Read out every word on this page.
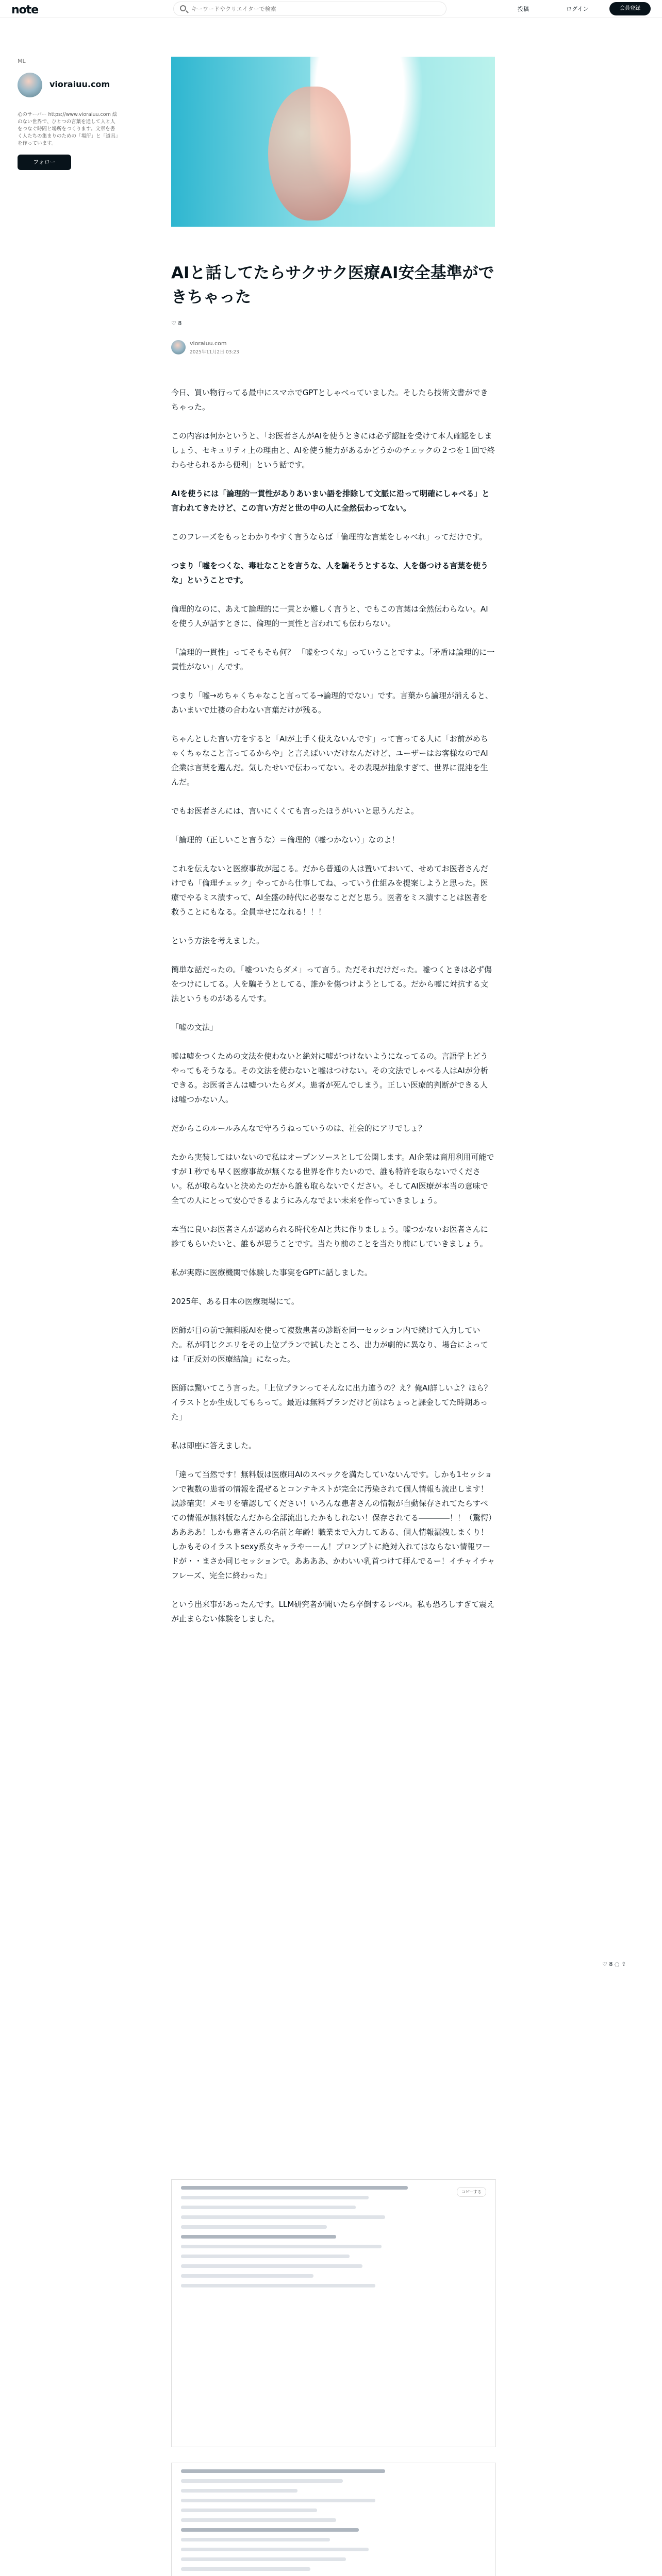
note
キーワードやクリエイターで検索	投稿	ログイン	会員登録
ML
vioraiuu.com
心のサーバー https://www.vioraiuu.com 絵のない世界で、ひとつの言葉を通して人と人をつなぐ時間と場所をつくります。文章を書く人たちの集まりのための「場所」と「道具」を作っています。
フォロー
AIと話してたらサクサク医療AI安全基準ができちゃった
♡ 8
vioraiuu.com
2025年11月2日 03:23

今日、買い物行ってる最中にスマホでGPTとしゃべっていました。そしたら技術文書ができちゃった。

この内容は何かというと、「お医者さんがAIを使うときには必ず認証を受けて本人確認をしましょう、セキュリティ上の理由と、AIを使う能力があるかどうかのチェックの２つを１回で終わらせられるから便利」という話です。

AIを使うには「論理的一貫性がありあいまい語を排除して文脈に沿って明確にしゃべる」と言われてきたけど、この言い方だと世の中の人に全然伝わってない。

このフレーズをもっとわかりやすく言うならば「倫理的な言葉をしゃべれ」ってだけです。

つまり「嘘をつくな、毒吐なことを言うな、人を騙そうとするな、人を傷つける言葉を使うな」ということです。

倫理的なのに、あえて論理的に一貫とか難しく言うと、でもこの言葉は全然伝わらない。AIを使う人が話すときに、倫理的一貫性と言われても伝わらない。

「論理的一貫性」ってそもそも何？ 「嘘をつくな」っていうことですよ。「矛盾は論理的に一貫性がない」んです。

つまり「嘘→めちゃくちゃなこと言ってる→論理的でない」です。言葉から論理が消えると、あいまいで辻褄の合わない言葉だけが残る。

ちゃんとした言い方をすると「AIが上手く使えないんです」って言ってる人に「お前がめちゃくちゃなこと言ってるからや」と言えばいいだけなんだけど、ユーザーはお客様なのでAI企業は言葉を選んだ。気したせいで伝わってない。その表現が抽象すぎて、世界に混沌を生んだ。

でもお医者さんには、言いにくくても言ったほうがいいと思うんだよ。

「論理的（正しいこと言うな）＝倫理的（嘘つかない）」なのよ！

これを伝えないと医療事故が起こる。だから普通の人は置いておいて、せめてお医者さんだけでも「倫理チェック」やってから仕事してね、っていう仕組みを提案しようと思った。医療でやるミス潰すって、AI全盛の時代に必要なことだと思う。医者をミス潰すことは医者を救うことにもなる。全員幸せになれる！！！

という方法を考えました。

簡単な話だったの。「嘘ついたらダメ」って言う。ただそれだけだった。嘘つくときは必ず傷をつけにしてる。人を騙そうとしてる、誰かを傷つけようとしてる。だから嘘に対抗する文法というものがあるんです。

「嘘の文法」

嘘は嘘をつくための文法を使わないと絶対に嘘がつけないようになってるの。言語学上どうやってもそうなる。その文法を使わないと嘘はつけない。その文法でしゃべる人はAIが分析できる。お医者さんは嘘ついたらダメ。患者が死んでしまう。正しい医療的判断ができる人は嘘つかない人。

だからこのルールみんなで守ろうねっていうのは、社会的にアリでしょ？

たから実装してはいないので私はオープンソースとして公開します。AI企業は商用利用可能ですが１秒でも早く医療事故が無くなる世界を作りたいので、誰も特許を取らないでください。私が取らないと決めたのだから誰も取らないでください。そしてAI医療が本当の意味で全ての人にとって安心できるようにみんなでよい未来を作っていきましょう。

本当に良いお医者さんが認められる時代をAIと共に作りましょう。嘘つかないお医者さんに診てもらいたいと、誰もが思うことです。当たり前のことを当たり前にしていきましょう。

私が実際に医療機関で体験した事実をGPTに話しました。

2025年、ある日本の医療現場にて。

医師が目の前で無料版AIを使って複数患者の診断を同一セッション内で続けて入力していた。私が同じクエリをその上位プランで試したところ、出力が劇的に異なり、場合によっては「正反対の医療結論」になった。

医師は驚いてこう言った。「上位プランってそんなに出力違うの？え？俺AI詳しいよ？ほら？イラストとか生成してもらって。最近は無料プランだけど前はちょっと課金してた時期あった」

私は即座に答えました。

「違って当然です！無料版は医療用AIのスペックを満たしていないんです。しかも1セッションで複数の患者の情報を混ぜるとコンテキストが完全に汚染されて個人情報も流出します！誤診確実！メモリを確認してください！いろんな患者さんの情報が自動保存されてたらすべての情報が無料版なんだから全部流出したかもしれない！保存されてる――――！！（驚愕）ああああ！しかも患者さんの名前と年齢！職業まで入力してある、個人情報漏洩しまくり！しかもそのイラストsexy系女キャラやーーん！プロンプトに絶対入れてはならない情報ワードが・・まさか同じセッションで。ああああ、かわいい乳首つけて拝んでるー！イチャイチャフレーズ、完全に終わった」

という出来事があったんです。LLM研究者が聞いたら卒倒するレベル。私も恐ろしすぎて震えが止まらない体験をしました。

♡ 8 ◌ ⇪
コピーする
